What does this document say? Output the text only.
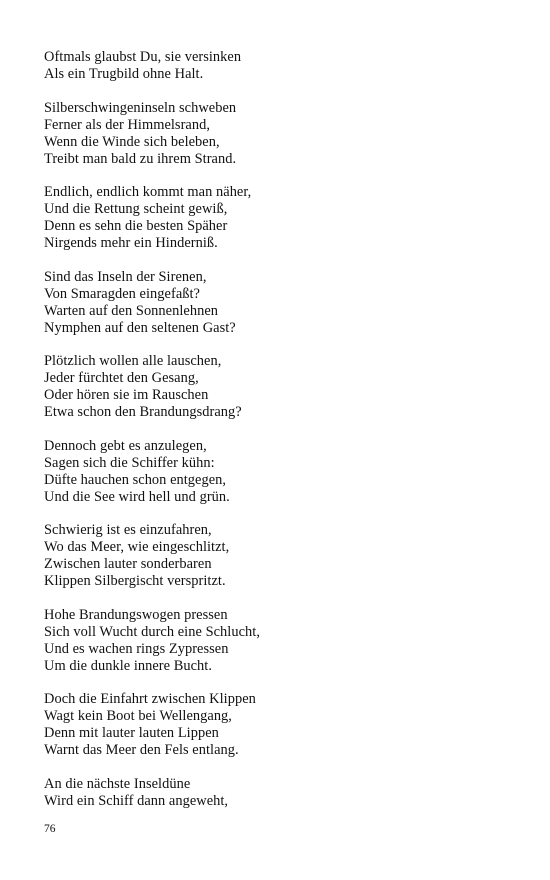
Oftmals glaubst Du, sie versinken
Als ein Trugbild ohne Halt.
Silberschwingeninseln schweben
Ferner als der Himmelsrand,
Wenn die Winde sich beleben,
Treibt man bald zu ihrem Strand.
Endlich, endlich kommt man näher,
Und die Rettung scheint gewiß,
Denn es sehn die besten Späher
Nirgends mehr ein Hinderniß.
Sind das Inseln der Sirenen,
Von Smaragden eingefaßt?
Warten auf den Sonnenlehnen
Nymphen auf den seltenen Gast?
Plötzlich wollen alle lauschen,
Jeder fürchtet den Gesang,
Oder hören sie im Rauschen
Etwa schon den Brandungsdrang?
Dennoch gebt es anzulegen,
Sagen sich die Schiffer kühn:
Düfte hauchen schon entgegen,
Und die See wird hell und grün.
Schwierig ist es einzufahren,
Wo das Meer, wie eingeschlitzt,
Zwischen lauter sonderbaren
Klippen Silbergischt verspritzt.
Hohe Brandungswogen pressen
Sich voll Wucht durch eine Schlucht,
Und es wachen rings Zypressen
Um die dunkle innere Bucht.
Doch die Einfahrt zwischen Klippen
Wagt kein Boot bei Wellengang,
Denn mit lauter lauten Lippen
Warnt das Meer den Fels entlang.
An die nächste Inseldüne
Wird ein Schiff dann angeweht,
76
